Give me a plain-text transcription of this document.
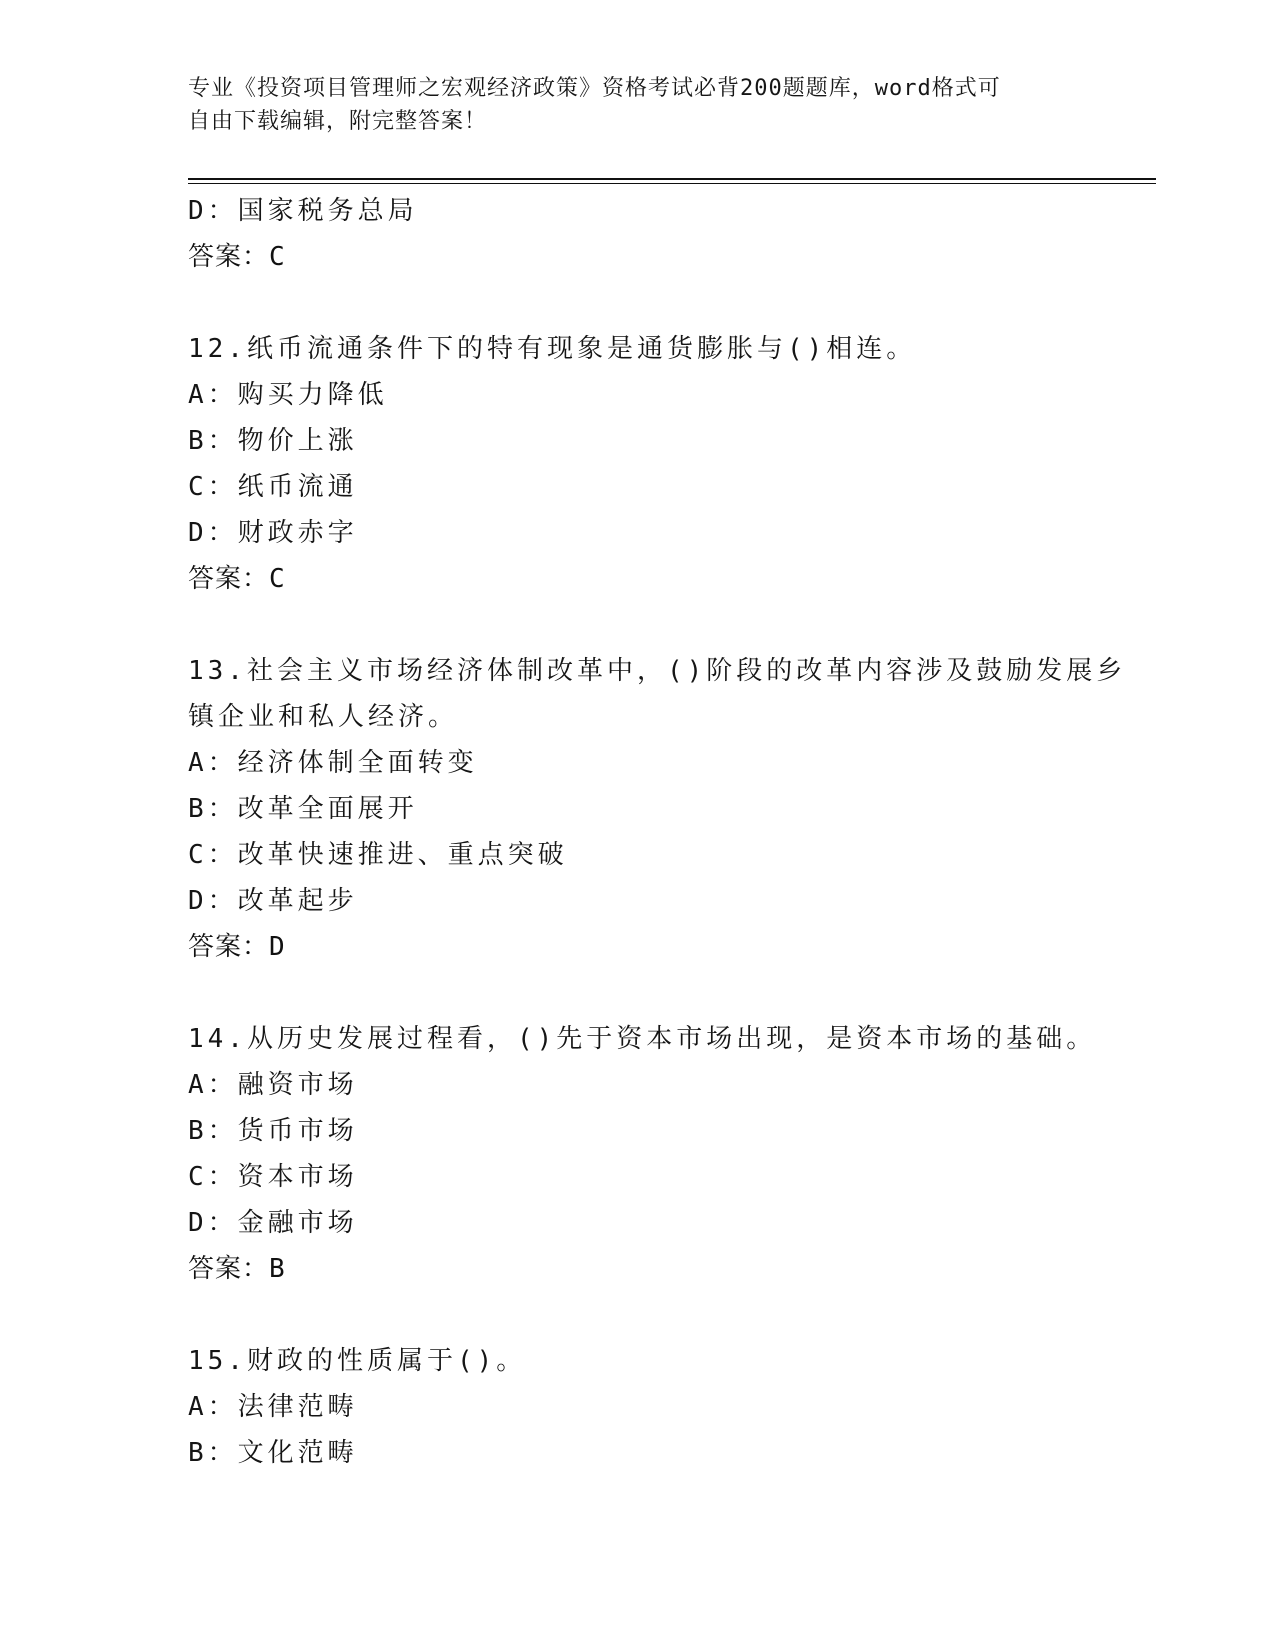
专业《投资项目管理师之宏观经济政策》资格考试必背200题题库，word格式可
自由下载编辑，附完整答案！
D：国家税务总局
答案：C
12.纸币流通条件下的特有现象是通货膨胀与()相连。
A：购买力降低
B：物价上涨
C：纸币流通
D：财政赤字
答案：C
13.社会主义市场经济体制改革中，()阶段的改革内容涉及鼓励发展乡
镇企业和私人经济。
A：经济体制全面转变
B：改革全面展开
C：改革快速推进、重点突破
D：改革起步
答案：D
14.从历史发展过程看，()先于资本市场出现，是资本市场的基础。
A：融资市场
B：货币市场
C：资本市场
D：金融市场
答案：B
15.财政的性质属于()。
A：法律范畴
B：文化范畴
